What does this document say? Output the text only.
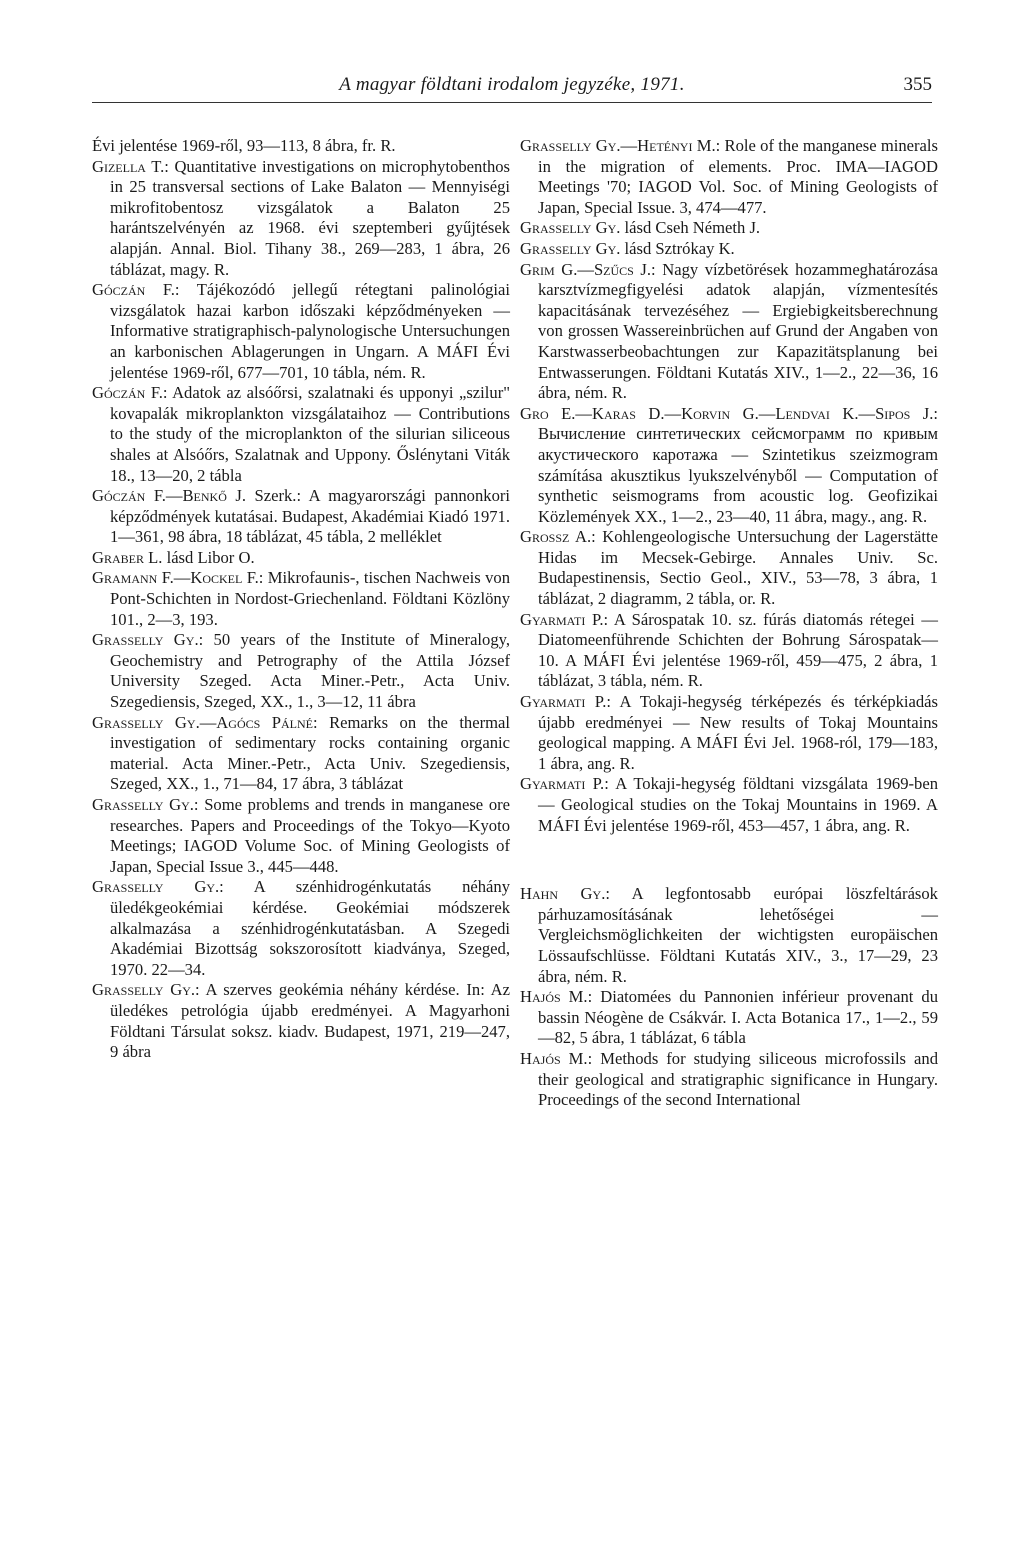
A magyar földtani irodalom jegyzéke, 1971.	355

Évi jelentése 1969-ről, 93—113, 8 ábra, fr. R.

Gizella T.: Quantitative investigations on microphytobenthos in 25 transversal sections of Lake Balaton — Mennyiségi mikrofitobentosz vizsgálatok a Balaton 25 harántszelvényén az 1968. évi szeptemberi gyűjtések alapján. Annal. Biol. Tihany 38., 269—283, 1 ábra, 26 táblázat, magy. R.

Góczán F.: Tájékozódó jellegű rétegtani palinológiai vizsgálatok hazai karbon időszaki képződményeken — Informative stratigraphisch-palynologische Untersuchungen an karbonischen Ablagerungen in Ungarn. A MÁFI Évi jelentése 1969-ről, 677—701, 10 tábla, ném. R.

Góczán F.: Adatok az alsóőrsi, szalatnaki és upponyi „szilur" kovapalák mikroplankton vizsgálataihoz — Contributions to the study of the microplankton of the silurian siliceous shales at Alsóőrs, Szalatnak and Uppony. Őslénytani Viták 18., 13—20, 2 tábla

Góczán F.—Benkő J. Szerk.: A magyarországi pannonkori képződmények kutatásai. Budapest, Akadémiai Kiadó 1971. 1—361, 98 ábra, 18 táblázat, 45 tábla, 2 melléklet

Graber L. lásd Libor O.

Gramann F.—Kockel F.: Mikrofaunis-, tischen Nachweis von Pont-Schichten in Nordost-Griechenland. Földtani Közlöny 101., 2—3, 193.

Grasselly Gy.: 50 years of the Institute of Mineralogy, Geochemistry and Petrography of the Attila József University Szeged. Acta Miner.-Petr., Acta Univ. Szegediensis, Szeged, XX., 1., 3—12, 11 ábra

Grasselly Gy.—Agócs Pálné: Remarks on the thermal investigation of sedimentary rocks containing organic material. Acta Miner.-Petr., Acta Univ. Szegediensis, Szeged, XX., 1., 71—84, 17 ábra, 3 táblázat

Grasselly Gy.: Some problems and trends in manganese ore researches. Papers and Proceedings of the Tokyo—Kyoto Meetings; IAGOD Volume Soc. of Mining Geologists of Japan, Special Issue 3., 445—448.

Grasselly Gy.: A szénhidrogénkutatás néhány üledékgeokémiai kérdése. Geokémiai módszerek alkalmazása a szénhidrogénkutatásban. A Szegedi Akadémiai Bizottság sokszorosított kiadványa, Szeged, 1970. 22—34.

Grasselly Gy.: A szerves geokémia néhány kérdése. In: Az üledékes petrológia újabb eredményei. A Magyarhoni Földtani Társulat soksz. kiadv. Budapest, 1971, 219—247, 9 ábra

Grasselly Gy.—Hetényi M.: Role of the manganese minerals in the migration of elements. Proc. IMA—IAGOD Meetings '70; IAGOD Vol. Soc. of Mining Geologists of Japan, Special Issue. 3, 474—477.

Grasselly Gy. lásd Cseh Németh J.

Grasselly Gy. lásd Sztrókay K.

Grim G.—Szűcs J.: Nagy vízbetörések hozammeghatározása karsztvízmegfigyelési adatok alapján, vízmentesítés kapacitásának tervezéséhez — Ergiebigkeitsberechnung von grossen Wassereinbrüchen auf Grund der Angaben von Karstwasserbeobachtungen zur Kapazitätsplanung bei Entwasserungen. Földtani Kutatás XIV., 1—2., 22—36, 16 ábra, ném. R.

Gro E.—Karas D.—Korvin G.—Lendvai K.—Sipos J.: Вычисление синтетических сейсмограмм по кривым акустического каротажа — Szintetikus szeizmogram számítása akusztikus lyukszelvényből — Computation of synthetic seismograms from acoustic log. Geofizikai Közlemények XX., 1—2., 23—40, 11 ábra, magy., ang. R.

Grossz A.: Kohlengeologische Untersuchung der Lagerstätte Hidas im Mecsek-Gebirge. Annales Univ. Sc. Budapestinensis, Sectio Geol., XIV., 53—78, 3 ábra, 1 táblázat, 2 diagramm, 2 tábla, or. R.

Gyarmati P.: A Sárospatak 10. sz. fúrás diatomás rétegei — Diatomeenführende Schichten der Bohrung Sárospatak—10. A MÁFI Évi jelentése 1969-ről, 459—475, 2 ábra, 1 táblázat, 3 tábla, ném. R.

Gyarmati P.: A Tokaji-hegység térképezés és térképkiadás újabb eredményei — New results of Tokaj Mountains geological mapping. A MÁFI Évi Jel. 1968-ról, 179—183, 1 ábra, ang. R.

Gyarmati P.: A Tokaji-hegység földtani vizsgálata 1969-ben — Geological studies on the Tokaj Mountains in 1969. A MÁFI Évi jelentése 1969-ről, 453—457, 1 ábra, ang. R.

Hahn Gy.: A legfontosabb európai löszfeltárások párhuzamosításának lehetőségei — Vergleichsmöglichkeiten der wichtigsten europäischen Lössaufschlüsse. Földtani Kutatás XIV., 3., 17—29, 23 ábra, ném. R.

Hajós M.: Diatomées du Pannonien inférieur provenant du bassin Néogène de Csákvár. I. Acta Botanica 17., 1—2., 59—82, 5 ábra, 1 táblázat, 6 tábla

Hajós M.: Methods for studying siliceous microfossils and their geological and stratigraphic significance in Hungary. Proceedings of the second International
